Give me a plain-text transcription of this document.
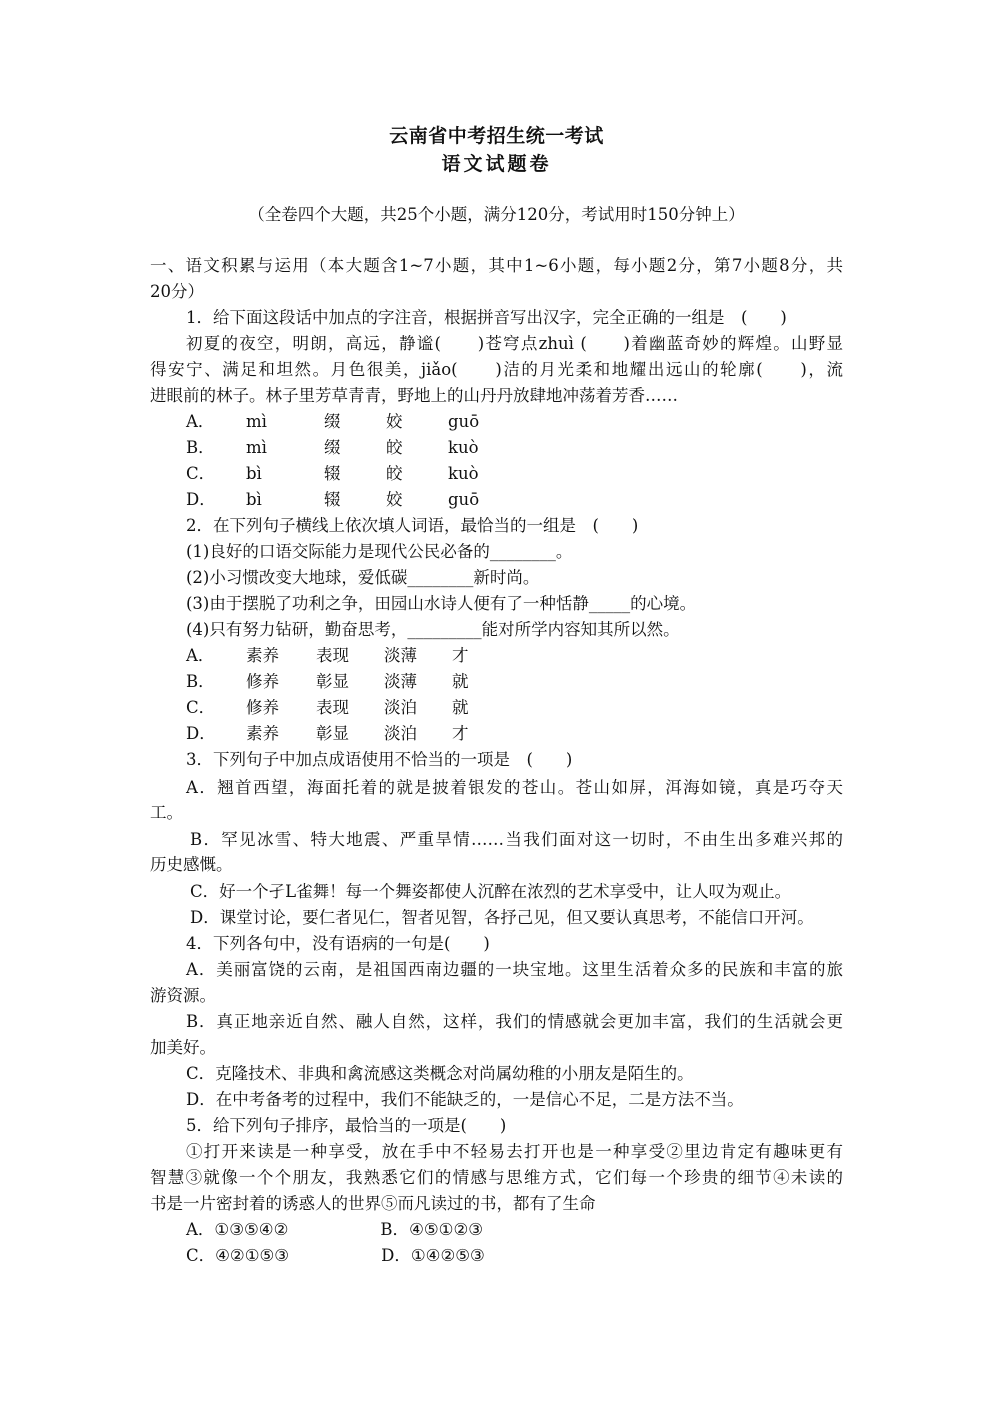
云南省中考招生统一考试
语文试题卷
（全卷四个大题，共25个小题，满分120分，考试用时150分钟上）
一、语文积累与运用（本大题含1~7小题，其中1~6小题，每小题2分，第7小题8分，共
20分）
1．给下面这段话中加点的字注音，根据拼音写出汉字，完全正确的一组是　(　　)
初夏的夜空，明朗，高远，静谧(　　)苍穹点zhuì (　　)着幽蓝奇妙的辉煌。山野显
得安宁、满足和坦然。月色很美，jiǎo(　　)洁的月光柔和地耀出远山的轮廓(　　)，流
进眼前的林子。林子里芳草青青，野地上的山丹丹放肆地冲荡着芳香……
A． mì	缀	姣	guō
B． mì	缀	皎	kuò
C． bì	辍	皎	kuò
D． bì	辍	姣	guō
2．在下列句子横线上依次填人词语，最恰当的一组是　(　　)
(1)良好的口语交际能力是现代公民必备的________。
(2)小习惯改变大地球，爱低碳________新时尚。
(3)由于摆脱了功利之争，田园山水诗人便有了一种恬静_____的心境。
(4)只有努力钻研，勤奋思考，_________能对所学内容知其所以然。
A． 素养 表现 淡薄 才
B． 修养 彰显 淡薄 就
C． 修养 表现 淡泊 就
D． 素养 彰显 淡泊 才
3．下列句子中加点成语使用不恰当的一项是　(　　)
A．翘首西望，海面托着的就是披着银发的苍山。苍山如屏，洱海如镜，真是巧夺天
工。
B．罕见冰雪、特大地震、严重旱情……当我们面对这一切时，不由生出多难兴邦的
历史感慨。
C．好一个孑L雀舞！每一个舞姿都使人沉醉在浓烈的艺术享受中，让人叹为观止。
D．课堂讨论，要仁者见仁，智者见智，各抒己见，但又要认真思考，不能信口开河。
4．下列各句中，没有语病的一句是(　　)
A．美丽富饶的云南，是祖国西南边疆的一块宝地。这里生活着众多的民族和丰富的旅
游资源。
B．真正地亲近自然、融人自然，这样，我们的情感就会更加丰富，我们的生活就会更
加美好。
C．克隆技术、非典和禽流感这类概念对尚属幼稚的小朋友是陌生的。
D．在中考备考的过程中，我们不能缺乏的，一是信心不足，二是方法不当。
5．给下列句子排序，最恰当的一项是(　　)
①打开来读是一种享受，放在手中不轻易去打开也是一种享受②里边肯定有趣味更有
智慧③就像一个个朋友，我熟悉它们的情感与思维方式，它们每一个珍贵的细节④未读的
书是一片密封着的诱惑人的世界⑤而凡读过的书，都有了生命
A．①③⑤④②	B．④⑤①②③
C．④②①⑤③	D．①④②⑤③
